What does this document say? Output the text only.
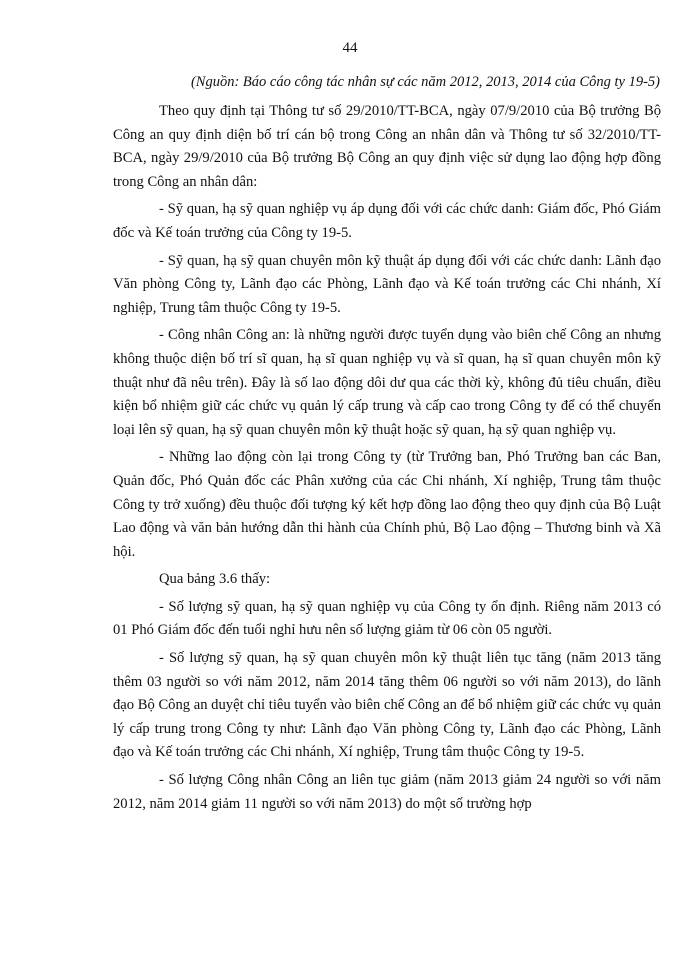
44
(Nguồn: Báo cáo công tác nhân sự các năm 2012, 2013, 2014 của Công ty 19-5)

Theo quy định tại Thông tư số 29/2010/TT-BCA, ngày 07/9/2010 của Bộ trưởng Bộ Công an quy định diện bố trí cán bộ trong Công an nhân dân và Thông tư số 32/2010/TT-BCA, ngày 29/9/2010 của Bộ trưởng Bộ Công an quy định việc sử dụng lao động hợp đồng trong Công an nhân dân:

- Sỹ quan, hạ sỹ quan nghiệp vụ áp dụng đối với các chức danh: Giám đốc, Phó Giám đốc và Kế toán trưởng của Công ty 19-5.

- Sỹ quan, hạ sỹ quan chuyên môn kỹ thuật áp dụng đối với các chức danh: Lãnh đạo Văn phòng Công ty, Lãnh đạo các Phòng, Lãnh đạo và Kế toán trưởng các Chi nhánh, Xí nghiệp, Trung tâm thuộc Công ty 19-5.

- Công nhân Công an: là những người được tuyển dụng vào biên chế Công an nhưng không thuộc diện bố trí sĩ quan, hạ sĩ quan nghiệp vụ và sĩ quan, hạ sĩ quan chuyên môn kỹ thuật như đã nêu trên). Đây là số lao động dôi dư qua các thời kỳ, không đủ tiêu chuẩn, điều kiện bổ nhiệm giữ các chức vụ quản lý cấp trung và cấp cao trong Công ty để có thể chuyển loại lên sỹ quan, hạ sỹ quan chuyên môn kỹ thuật hoặc sỹ quan, hạ sỹ quan nghiệp vụ.

- Những lao động còn lại trong Công ty (từ Trưởng ban, Phó Trưởng ban các Ban, Quản đốc, Phó Quản đốc các Phân xưởng của các Chi nhánh, Xí nghiệp, Trung tâm thuộc Công ty trở xuống) đều thuộc đối tượng ký kết hợp đồng lao động theo quy định của Bộ Luật Lao động và văn bản hướng dẫn thi hành của Chính phủ, Bộ Lao động – Thương binh và Xã hội.

Qua bảng 3.6 thấy:

- Số lượng sỹ quan, hạ sỹ quan nghiệp vụ của Công ty ổn định. Riêng năm 2013 có 01 Phó Giám đốc đến tuổi nghỉ hưu nên số lượng giảm từ 06 còn 05 người.

- Số lượng sỹ quan, hạ sỹ quan chuyên môn kỹ thuật liên tục tăng (năm 2013 tăng thêm 03 người so với năm 2012, năm 2014 tăng thêm 06 người so với năm 2013), do lãnh đạo Bộ Công an duyệt chỉ tiêu tuyển vào biên chế Công an để bổ nhiệm giữ các chức vụ quản lý cấp trung trong Công ty như: Lãnh đạo Văn phòng Công ty, Lãnh đạo các Phòng, Lãnh đạo và Kế toán trưởng các Chi nhánh, Xí nghiệp, Trung tâm thuộc Công ty 19-5.

- Số lượng Công nhân Công an liên tục giảm (năm 2013 giảm 24 người so với năm 2012, năm 2014 giảm 11 người so với năm 2013) do một số trường hợp
